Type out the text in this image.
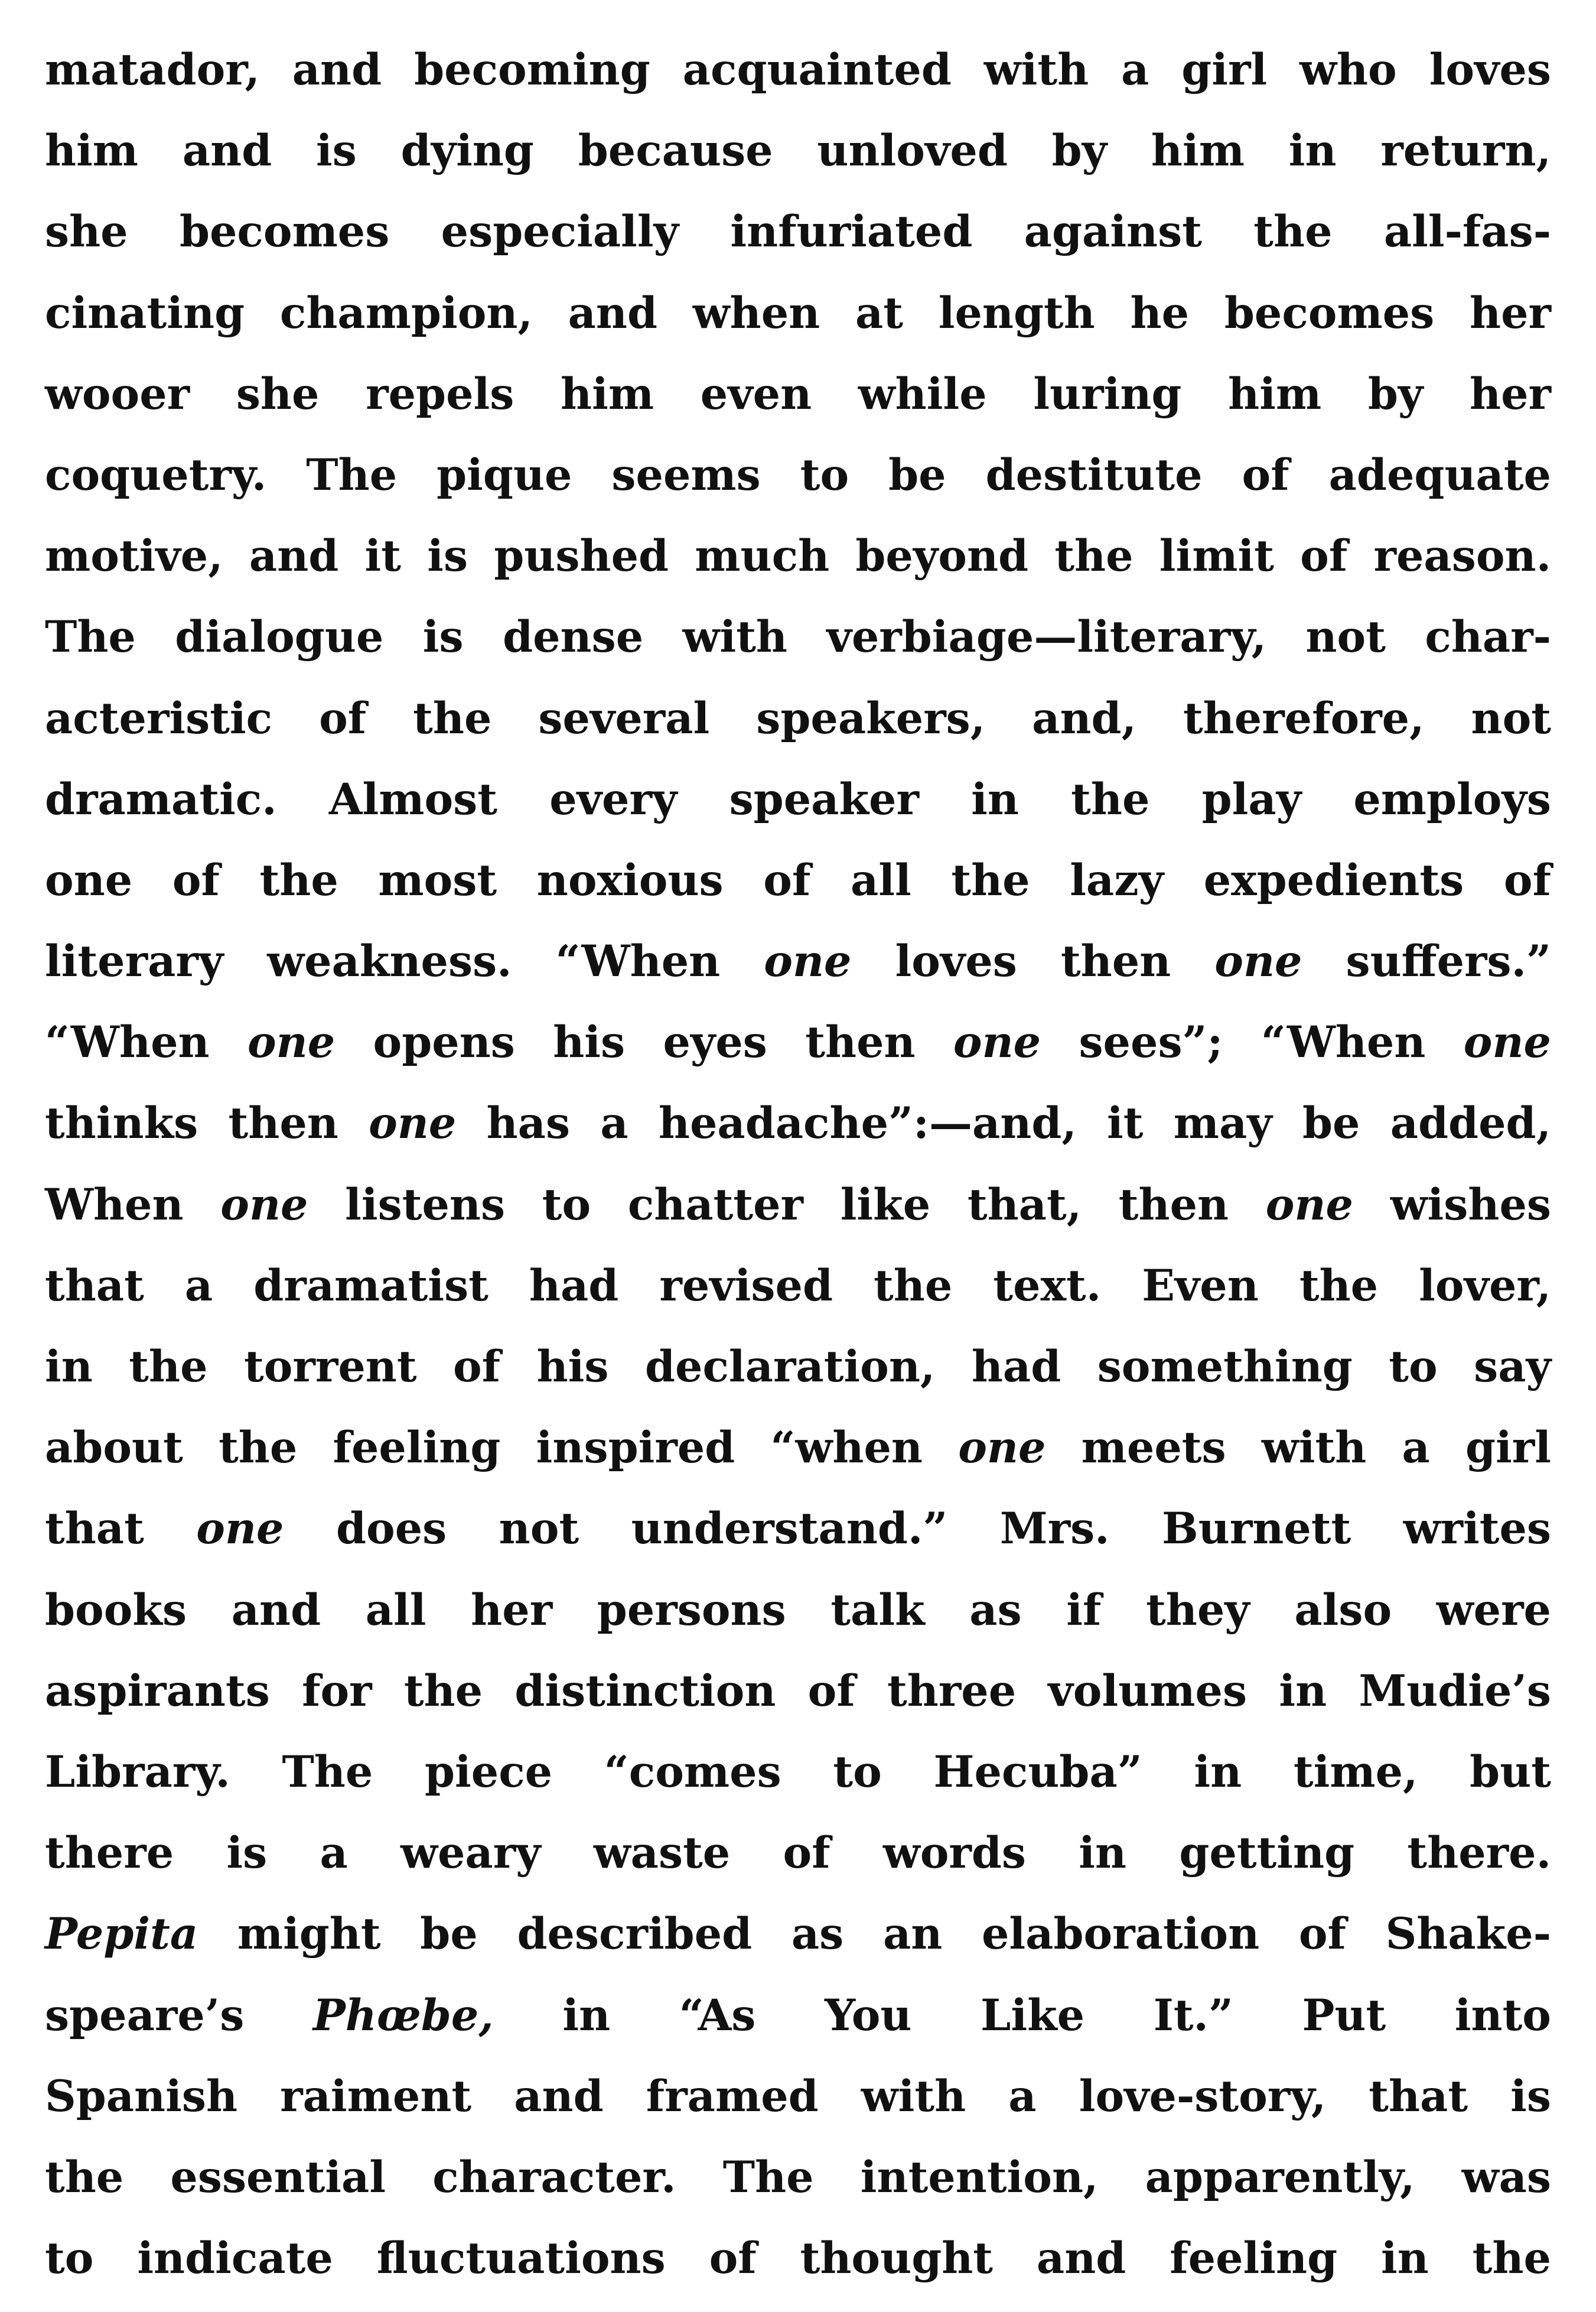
matador, and becoming acquainted with a girl who loves
him and is dying because unloved by him in return,
she becomes especially infuriated against the all-fas-
cinating champion, and when at length he becomes her
wooer she repels him even while luring him by her
coquetry. The pique seems to be destitute of adequate
motive, and it is pushed much beyond the limit of reason.
The dialogue is dense with verbiage—literary, not char-
acteristic of the several speakers, and, therefore, not
dramatic. Almost every speaker in the play employs
one of the most noxious of all the lazy expedients of
literary weakness. “When one loves then one suffers.”
“When one opens his eyes then one sees”; “When one
thinks then one has a headache”:—and, it may be added,
When one listens to chatter like that, then one wishes
that a dramatist had revised the text. Even the lover,
in the torrent of his declaration, had something to say
about the feeling inspired “when one meets with a girl
that one does not understand.” Mrs. Burnett writes
books and all her persons talk as if they also were
aspirants for the distinction of three volumes in Mudie’s
Library. The piece “comes to Hecuba” in time, but
there is a weary waste of words in getting there.
Pepita might be described as an elaboration of Shake-
speare’s Phœbe, in “As You Like It.” Put into
Spanish raiment and framed with a love-story, that is
the essential character. The intention, apparently, was
to indicate fluctuations of thought and feeling in the
